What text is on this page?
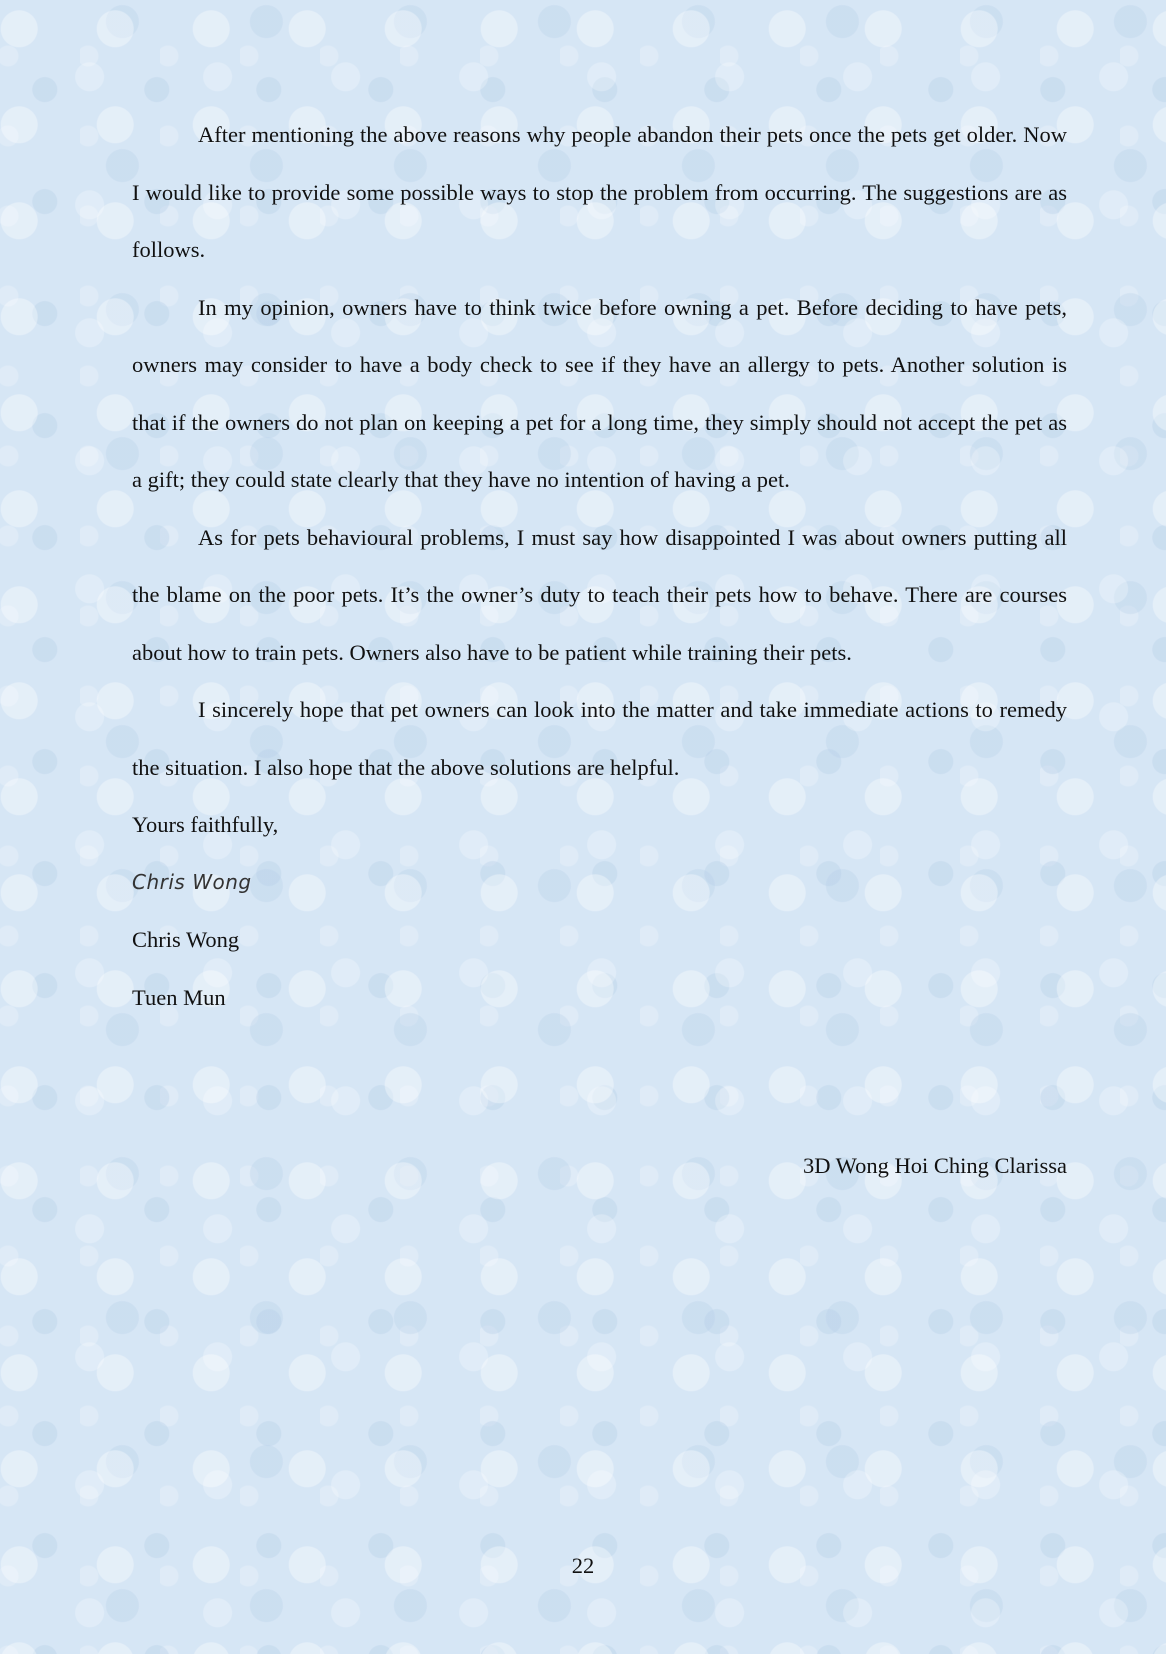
After mentioning the above reasons why people abandon their pets once the pets get older. Now I would like to provide some possible ways to stop the problem from occurring. The suggestions are as follows.

In my opinion, owners have to think twice before owning a pet. Before deciding to have pets, owners may consider to have a body check to see if they have an allergy to pets. Another solution is that if the owners do not plan on keeping a pet for a long time, they simply should not accept the pet as a gift; they could state clearly that they have no intention of having a pet.

As for pets behavioural problems, I must say how disappointed I was about owners putting all the blame on the poor pets. It’s the owner’s duty to teach their pets how to behave. There are courses about how to train pets. Owners also have to be patient while training their pets.

I sincerely hope that pet owners can look into the matter and take immediate actions to remedy the situation. I also hope that the above solutions are helpful.

Yours faithfully,

Chris Wong

Chris Wong

Tuen Mun

3D Wong Hoi Ching Clarissa
22
